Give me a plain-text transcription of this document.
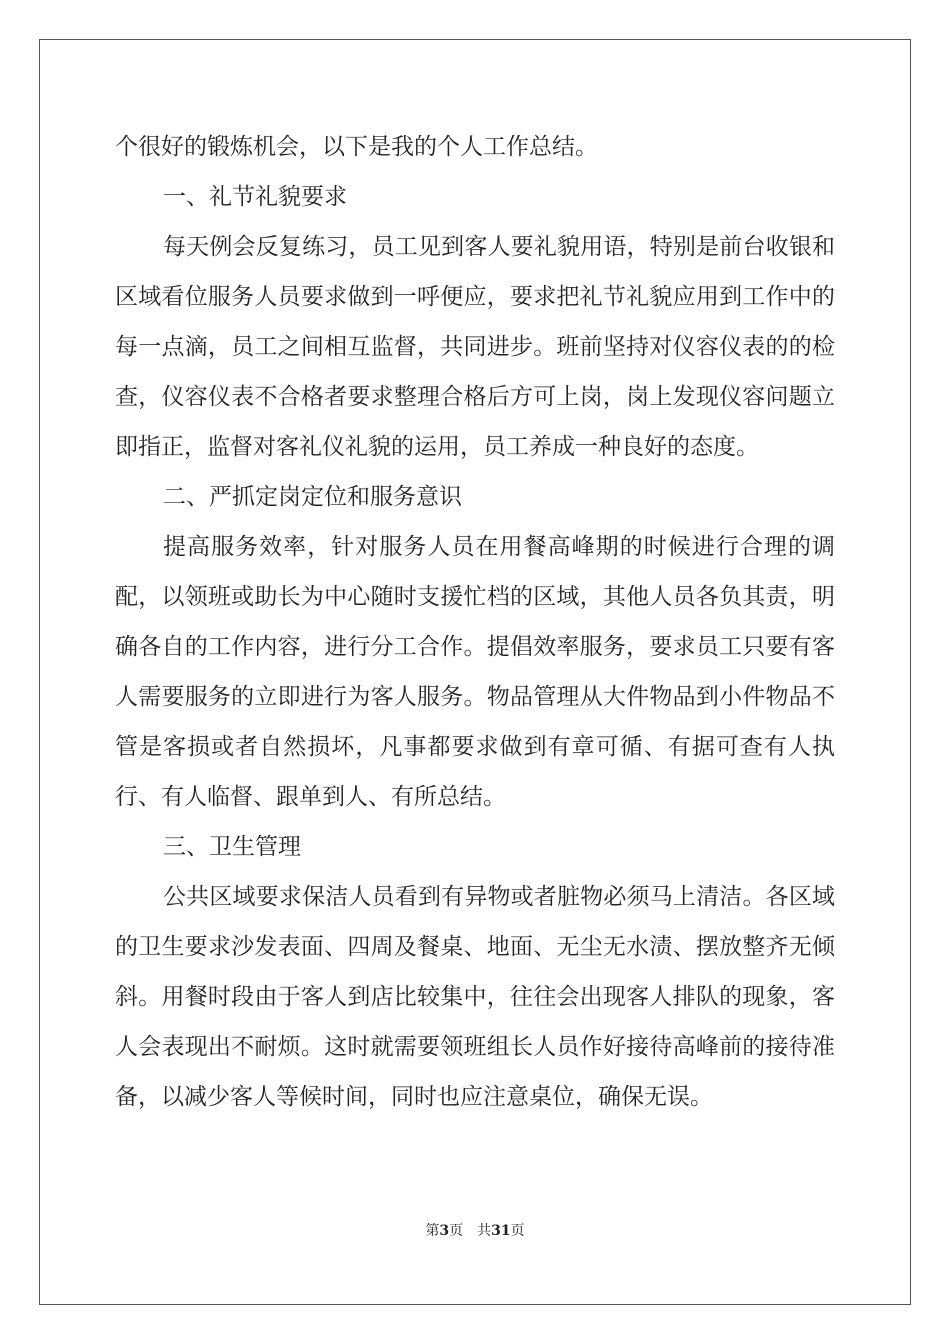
个很好的锻炼机会，以下是我的个人工作总结。

一、礼节礼貌要求

每天例会反复练习，员工见到客人要礼貌用语，特别是前台收银和区域看位服务人员要求做到一呼便应，要求把礼节礼貌应用到工作中的每一点滴，员工之间相互监督，共同进步。班前坚持对仪容仪表的的检查，仪容仪表不合格者要求整理合格后方可上岗，岗上发现仪容问题立即指正，监督对客礼仪礼貌的运用，员工养成一种良好的态度。

二、严抓定岗定位和服务意识

提高服务效率，针对服务人员在用餐高峰期的时候进行合理的调配，以领班或助长为中心随时支援忙档的区域，其他人员各负其责，明确各自的工作内容，进行分工合作。提倡效率服务，要求员工只要有客人需要服务的立即进行为客人服务。物品管理从大件物品到小件物品不管是客损或者自然损坏，凡事都要求做到有章可循、有据可查有人执行、有人临督、跟单到人、有所总结。

三、卫生管理

公共区域要求保洁人员看到有异物或者脏物必须马上清洁。各区域的卫生要求沙发表面、四周及餐桌、地面、无尘无水渍、摆放整齐无倾斜。用餐时段由于客人到店比较集中，往往会出现客人排队的现象，客人会表现出不耐烦。这时就需要领班组长人员作好接待高峰前的接待准备，以减少客人等候时间，同时也应注意桌位，确保无误。

第3页 共31页
